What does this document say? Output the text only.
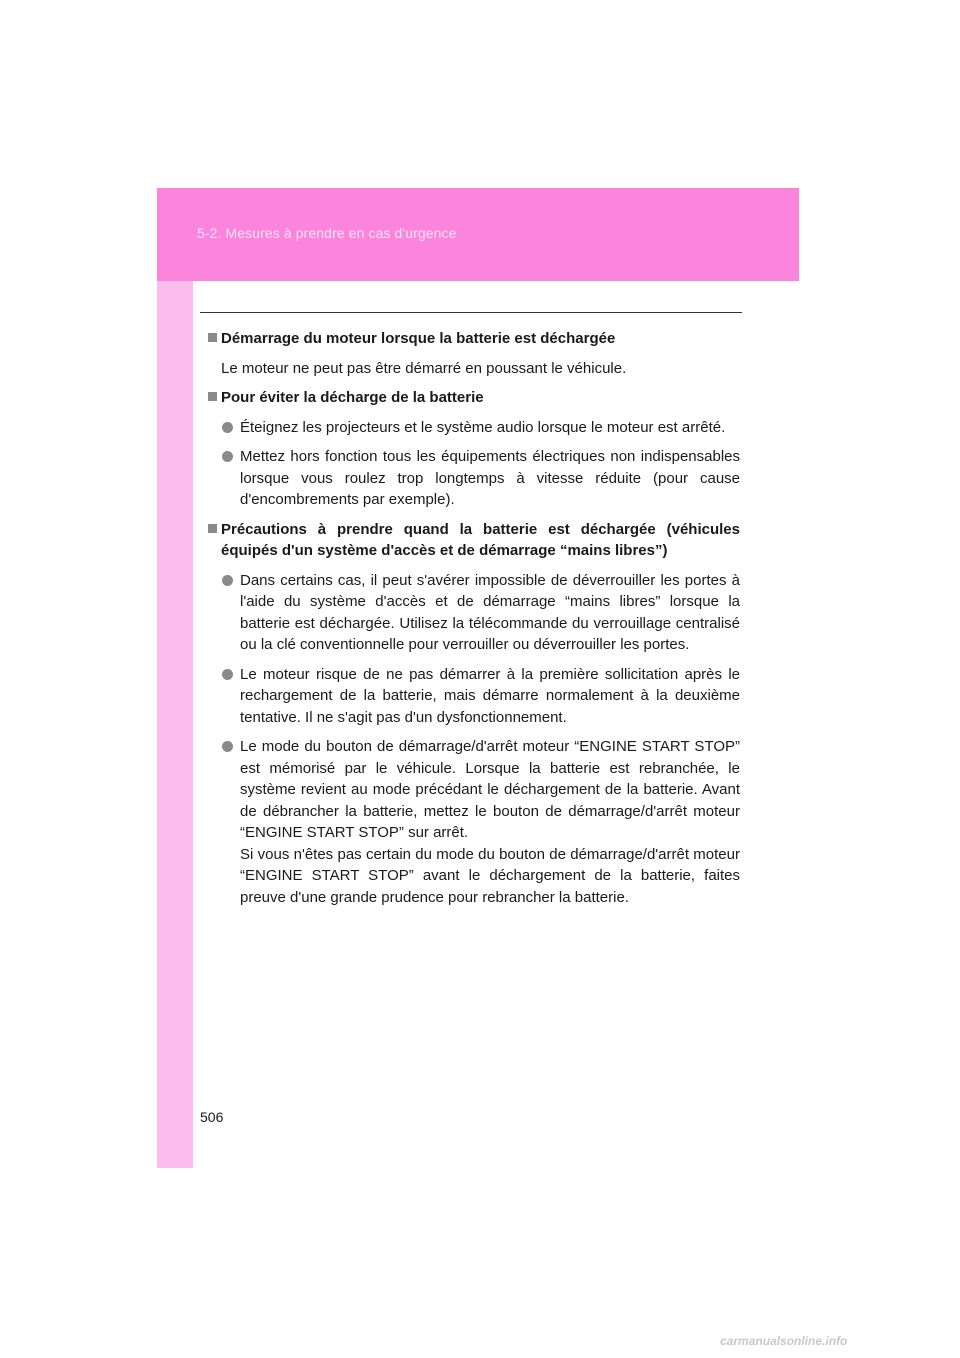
5-2. Mesures à prendre en cas d'urgence
Démarrage du moteur lorsque la batterie est déchargée
Le moteur ne peut pas être démarré en poussant le véhicule.
Pour éviter la décharge de la batterie
Éteignez les projecteurs et le système audio lorsque le moteur est arrêté.
Mettez hors fonction tous les équipements électriques non indispensables lorsque vous roulez trop longtemps à vitesse réduite (pour cause d'encombrements par exemple).
Précautions à prendre quand la batterie est déchargée (véhicules équipés d'un système d'accès et de démarrage “mains libres”)
Dans certains cas, il peut s'avérer impossible de déverrouiller les portes à l'aide du système d'accès et de démarrage “mains libres” lorsque la batterie est déchargée. Utilisez la télécommande du verrouillage centralisé ou la clé conventionnelle pour verrouiller ou déverrouiller les portes.
Le moteur risque de ne pas démarrer à la première sollicitation après le rechargement de la batterie, mais démarre normalement à la deuxième tentative. Il ne s'agit pas d'un dysfonctionnement.
Le mode du bouton de démarrage/d'arrêt moteur “ENGINE START STOP” est mémorisé par le véhicule. Lorsque la batterie est rebranchée, le système revient au mode précédant le déchargement de la batterie. Avant de débrancher la batterie, mettez le bouton de démarrage/d'arrêt moteur “ENGINE START STOP” sur arrêt.
Si vous n'êtes pas certain du mode du bouton de démarrage/d'arrêt moteur “ENGINE START STOP” avant le déchargement de la batterie, faites preuve d'une grande prudence pour rebrancher la batterie.
506
carmanualsonline.info
